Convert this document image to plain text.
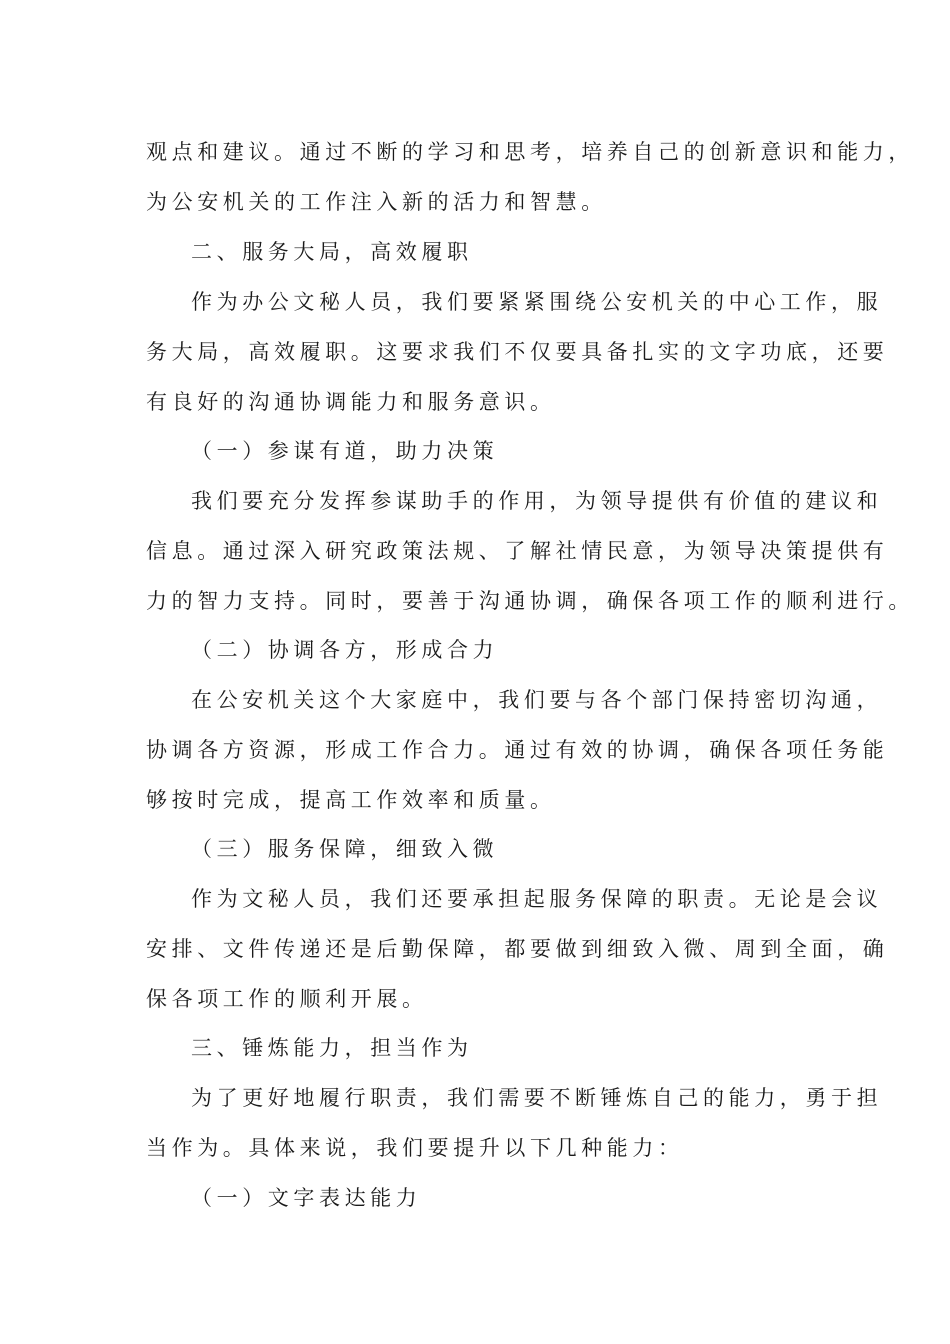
观点和建议。通过不断的学习和思考，培养自己的创新意识和能力，
为公安机关的工作注入新的活力和智慧。
二、服务大局，高效履职
作为办公文秘人员，我们要紧紧围绕公安机关的中心工作，服
务大局，高效履职。这要求我们不仅要具备扎实的文字功底，还要
有良好的沟通协调能力和服务意识。
（一）参谋有道，助力决策
我们要充分发挥参谋助手的作用，为领导提供有价值的建议和
信息。通过深入研究政策法规、了解社情民意，为领导决策提供有
力的智力支持。同时，要善于沟通协调，确保各项工作的顺利进行。
（二）协调各方，形成合力
在公安机关这个大家庭中，我们要与各个部门保持密切沟通，
协调各方资源，形成工作合力。通过有效的协调，确保各项任务能
够按时完成，提高工作效率和质量。
（三）服务保障，细致入微
作为文秘人员，我们还要承担起服务保障的职责。无论是会议
安排、文件传递还是后勤保障，都要做到细致入微、周到全面，确
保各项工作的顺利开展。
三、锤炼能力，担当作为
为了更好地履行职责，我们需要不断锤炼自己的能力，勇于担
当作为。具体来说，我们要提升以下几种能力：
（一）文字表达能力
